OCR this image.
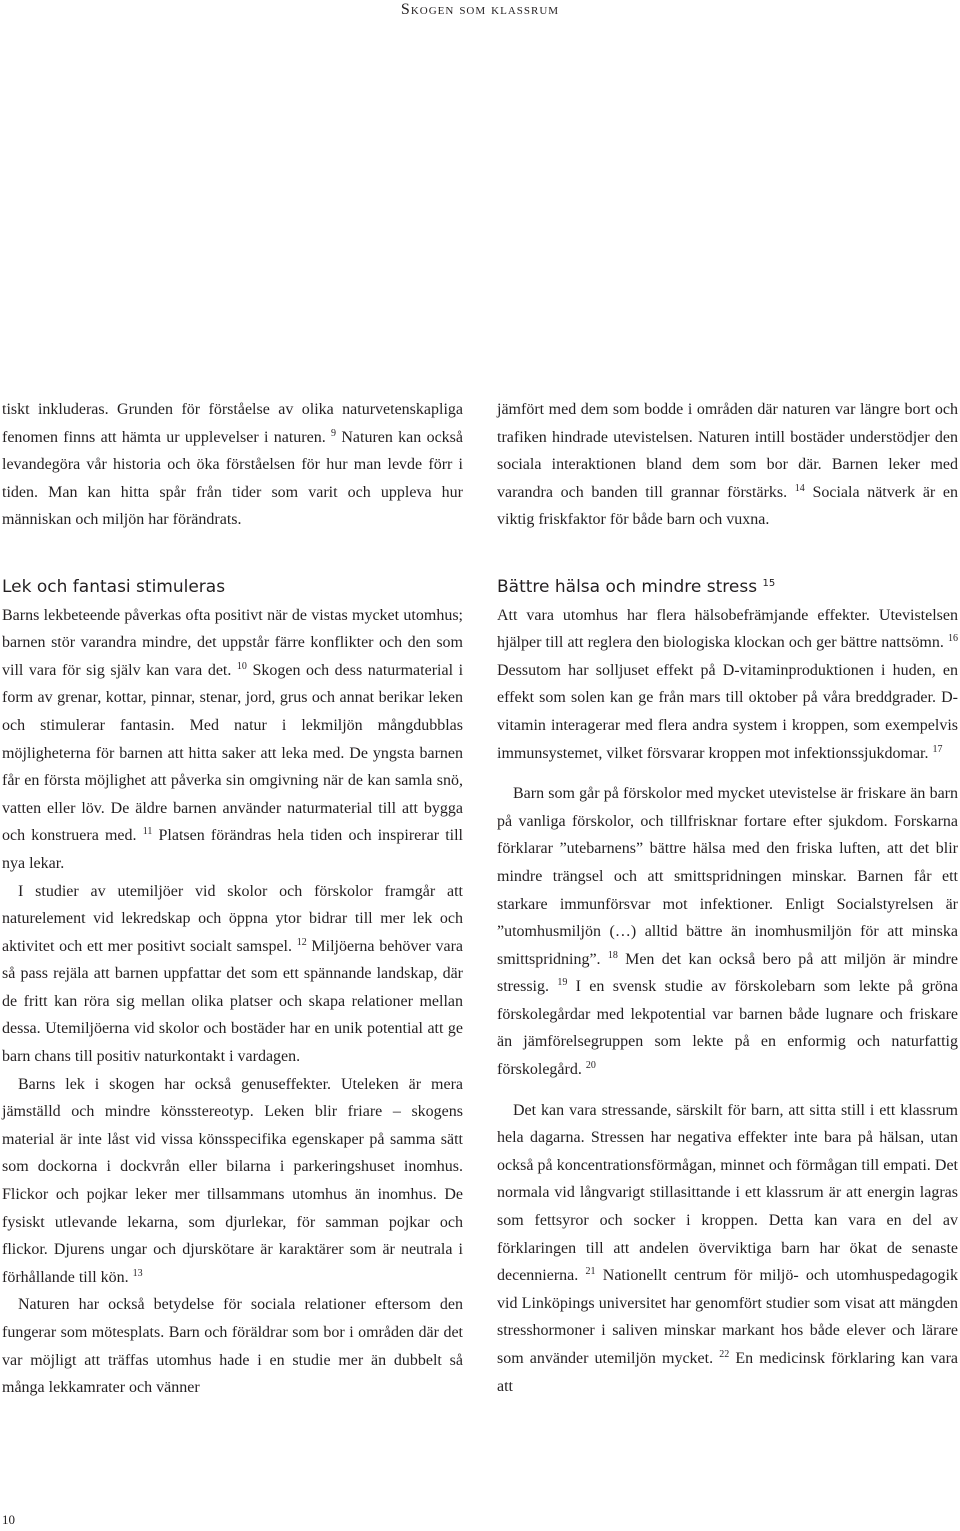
Skogen som klassrum

tiskt inkluderas. Grunden för förståelse av olika naturvetenskapliga fenomen finns att hämta ur upplevelser i naturen. $^9$ Naturen kan också levandegöra vår historia och öka förståelsen för hur man levde förr i tiden. Man kan hitta spår från tider som varit och uppleva hur människan och miljön har förändrats.

Lek och fantasi stimuleras

Barns lekbeteende påverkas ofta positivt när de vistas mycket utomhus; barnen stör varandra mindre, det uppstår färre konflikter och den som vill vara för sig själv kan vara det. $^{10}$ Skogen och dess naturmaterial i form av grenar, kottar, pinnar, stenar, jord, grus och annat berikar leken och stimulerar fantasin. Med natur i lekmiljön mångdubblas möjligheterna för barnen att hitta saker att leka med. De yngsta barnen får en första möjlighet att påverka sin omgivning när de kan samla snö, vatten eller löv. De äldre barnen använder naturmaterial till att bygga och konstruera med. $^{11}$ Platsen förändras hela tiden och inspirerar till nya lekar.

I studier av utemiljöer vid skolor och förskolor framgår att naturelement vid lekredskap och öppna ytor bidrar till mer lek och aktivitet och ett mer positivt socialt samspel. $^{12}$ Miljöerna behöver vara så pass rejäla att barnen uppfattar det som ett spännande landskap, där de fritt kan röra sig mellan olika platser och skapa relationer mellan dessa. Utemiljöerna vid skolor och bostäder har en unik potential att ge barn chans till positiv naturkontakt i vardagen.

Barns lek i skogen har också genuseffekter. Uteleken är mera jämställd och mindre könsstereotyp. Leken blir friare – skogens material är inte låst vid vissa könsspecifika egenskaper på samma sätt som dockorna i dockvrån eller bilarna i parkeringshuset inomhus. Flickor och pojkar leker mer tillsammans utomhus än inomhus. De fysiskt utlevande lekarna, som djurlekar, för samman pojkar och flickor. Djurens ungar och djurskötare är karaktärer som är neutrala i förhållande till kön. $^{13}$

Naturen har också betydelse för sociala relationer eftersom den fungerar som mötesplats. Barn och föräldrar som bor i områden där det var möjligt att träffas utomhus hade i en studie mer än dubbelt så många lekkamrater och vänner

jämfört med dem som bodde i områden där naturen var längre bort och trafiken hindrade utevistelsen. Naturen intill bostäder understödjer den sociala interaktionen bland dem som bor där. Barnen leker med varandra och banden till grannar förstärks. $^{14}$ Sociala nätverk är en viktig friskfaktor för både barn och vuxna.

Bättre hälsa och mindre stress $^{15}$

Att vara utomhus har flera hälsobefrämjande effekter. Utevistelsen hjälper till att reglera den biologiska klockan och ger bättre nattsömn. $^{16}$ Dessutom har solljuset effekt på D-vitaminproduktionen i huden, en effekt som solen kan ge från mars till oktober på våra breddgrader. D-vitamin interagerar med flera andra system i kroppen, som exempelvis immunsystemet, vilket försvarar kroppen mot infektionssjukdomar. $^{17}$

Barn som går på förskolor med mycket utevistelse är friskare än barn på vanliga förskolor, och tillfrisknar fortare efter sjukdom. Forskarna förklarar ”utebarnens” bättre hälsa med den friska luften, att det blir mindre trängsel och att smittspridningen minskar. Barnen får ett starkare immunförsvar mot infektioner. Enligt Socialstyrelsen är ”utomhusmiljön (…) alltid bättre än inomhusmiljön för att minska smittspridning”. $^{18}$ Men det kan också bero på att miljön är mindre stressig. $^{19}$ I en svensk studie av förskolebarn som lekte på gröna förskolegårdar med lekpotential var barnen både lugnare och friskare än jämförelsegruppen som lekte på en enformig och naturfattig förskolegård. $^{20}$

Det kan vara stressande, särskilt för barn, att sitta still i ett klassrum hela dagarna. Stressen har negativa effekter inte bara på hälsan, utan också på koncentrationsförmågan, minnet och förmågan till empati. Det normala vid långvarigt stillasittande i ett klassrum är att energin lagras som fettsyror och socker i kroppen. Detta kan vara en del av förklaringen till att andelen överviktiga barn har ökat de senaste decennierna. $^{21}$ Nationellt centrum för miljö- och utomhuspedagogik vid Linköpings universitet har genomfört studier som visat att mängden stresshormoner i saliven minskar markant hos både elever och lärare som använder utemiljön mycket. $^{22}$ En medicinsk förklaring kan vara att

10
